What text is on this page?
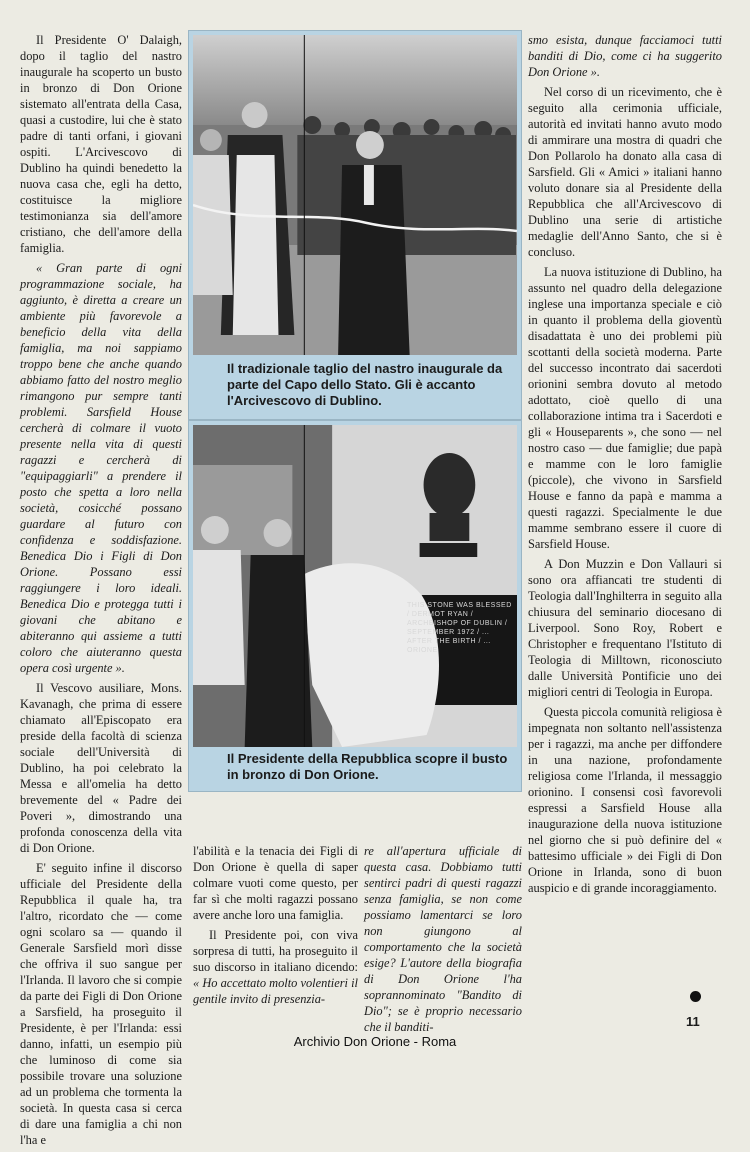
Il Presidente O' Dalaigh, dopo il taglio del nastro inaugurale ha scoperto un busto in bronzo di Don Orione sistemato all'entrata della Casa, quasi a custodire, lui che è stato padre di tanti orfani, i giovani ospiti. L'Arcivescovo di Dublino ha quindi benedetto la nuova casa che, egli ha detto, costituisce la migliore testimonianza sia dell'amore cristiano, che dell'amore della famiglia.

« Gran parte di ogni programmazione sociale, ha aggiunto, è diretta a creare un ambiente più favorevole a beneficio della vita della famiglia, ma noi sappiamo troppo bene che anche quando abbiamo fatto del nostro meglio rimangono pur sempre tanti problemi. Sarsfield House cercherà di colmare il vuoto presente nella vita di questi ragazzi e cercherà di "equipaggiarli" a prendere il posto che spetta a loro nella società, cosicché possano guardare al futuro con confidenza e soddisfazione. Benedica Dio i Figli di Don Orione. Possano essi raggiungere i loro ideali. Benedica Dio e protegga tutti i giovani che abitano e abiteranno qui assieme a tutti coloro che aiuteranno questa opera così urgente ».

Il Vescovo ausiliare, Mons. Kavanagh, che prima di essere chiamato all'Episcopato era preside della facoltà di scienza sociale dell'Università di Dublino, ha poi celebrato la Messa e all'omelia ha detto brevemente del « Padre dei Poveri », dimostrando una profonda conoscenza della vita di Don Orione.

E' seguito infine il discorso ufficiale del Presidente della Repubblica il quale ha, tra l'altro, ricordato che — come ogni scolaro sa — quando il Generale Sarsfield morì disse che offriva il suo sangue per l'Irlanda. Il lavoro che si compie da parte dei Figli di Don Orione a Sarsfield, ha proseguito il Presidente, è per l'Irlanda: essi danno, infatti, un esempio più che luminoso di come sia possibile trovare una soluzione ad un problema che tormenta la società. In questa casa si cerca di dare una famiglia a chi non l'ha e

Il tradizionale taglio del nastro inaugurale da parte del Capo dello Stato. Gli è accanto l'Arcivescovo di Dublino.
THIS STONE WAS BLESSED / DERMOT RYAN / ARCHBISHOP OF DUBLIN / SEPTEMBER 1972 / ... AFTER THE BIRTH / ... ORIONE
Il Presidente della Repubblica scopre il busto in bronzo di Don Orione.

l'abilità e la tenacia dei Figli di Don Orione è quella di saper colmare vuoti come questo, per far sì che molti ragazzi possano avere anche loro una famiglia.

Il Presidente poi, con viva sorpresa di tutti, ha proseguito il suo discorso in italiano dicendo: « Ho accettato molto volentieri il gentile invito di presenzia-

re all'apertura ufficiale di questa casa. Dobbiamo tutti sentirci padri di questi ragazzi senza famiglia, se non come possiamo lamentarci se loro non giungono al comportamento che la società esige? L'autore della biografia di Don Orione l'ha soprannominato "Bandito di Dio"; se è proprio necessario che il banditi-

smo esista, dunque facciamoci tutti banditi di Dio, come ci ha suggerito Don Orione ».

Nel corso di un ricevimento, che è seguito alla cerimonia ufficiale, autorità ed invitati hanno avuto modo di ammirare una mostra di quadri che Don Pollarolo ha donato alla casa di Sarsfield. Gli « Amici » italiani hanno voluto donare sia al Presidente della Repubblica che all'Arcivescovo di Dublino una serie di artistiche medaglie dell'Anno Santo, che si è concluso.

La nuova istituzione di Dublino, ha assunto nel quadro della delegazione inglese una importanza speciale e ciò in quanto il problema della gioventù disadattata è uno dei problemi più scottanti della società moderna. Parte del successo incontrato dai sacerdoti orionini sembra dovuto al metodo adottato, cioè quello di una collaborazione intima tra i Sacerdoti e gli « Houseparents », che sono — nel nostro caso — due famiglie; due papà e mamme con le loro famiglie (piccole), che vivono in Sarsfield House e fanno da papà e mamma a questi ragazzi. Specialmente le due mamme sembrano essere il cuore di Sarsfield House.

A Don Muzzin e Don Vallauri si sono ora affiancati tre studenti di Teologia dall'Inghilterra in seguito alla chiusura del seminario diocesano di Liverpool. Sono Roy, Robert e Christopher e frequentano l'Istituto di Teologia di Milltown, riconosciuto dalle Università Pontificie uno dei migliori centri di Teologia in Europa.

Questa piccola comunità religiosa è impegnata non soltanto nell'assistenza per i ragazzi, ma anche per diffondere in una nazione, profondamente religiosa come l'Irlanda, il messaggio orionino. I consensi così favorevoli espressi a Sarsfield House alla inaugurazione della nuova istituzione nel giorno che si può definire del « battesimo ufficiale » dei Figli di Don Orione in Irlanda, sono di buon auspicio e di grande incoraggiamento.

11
Archivio Don Orione - Roma
